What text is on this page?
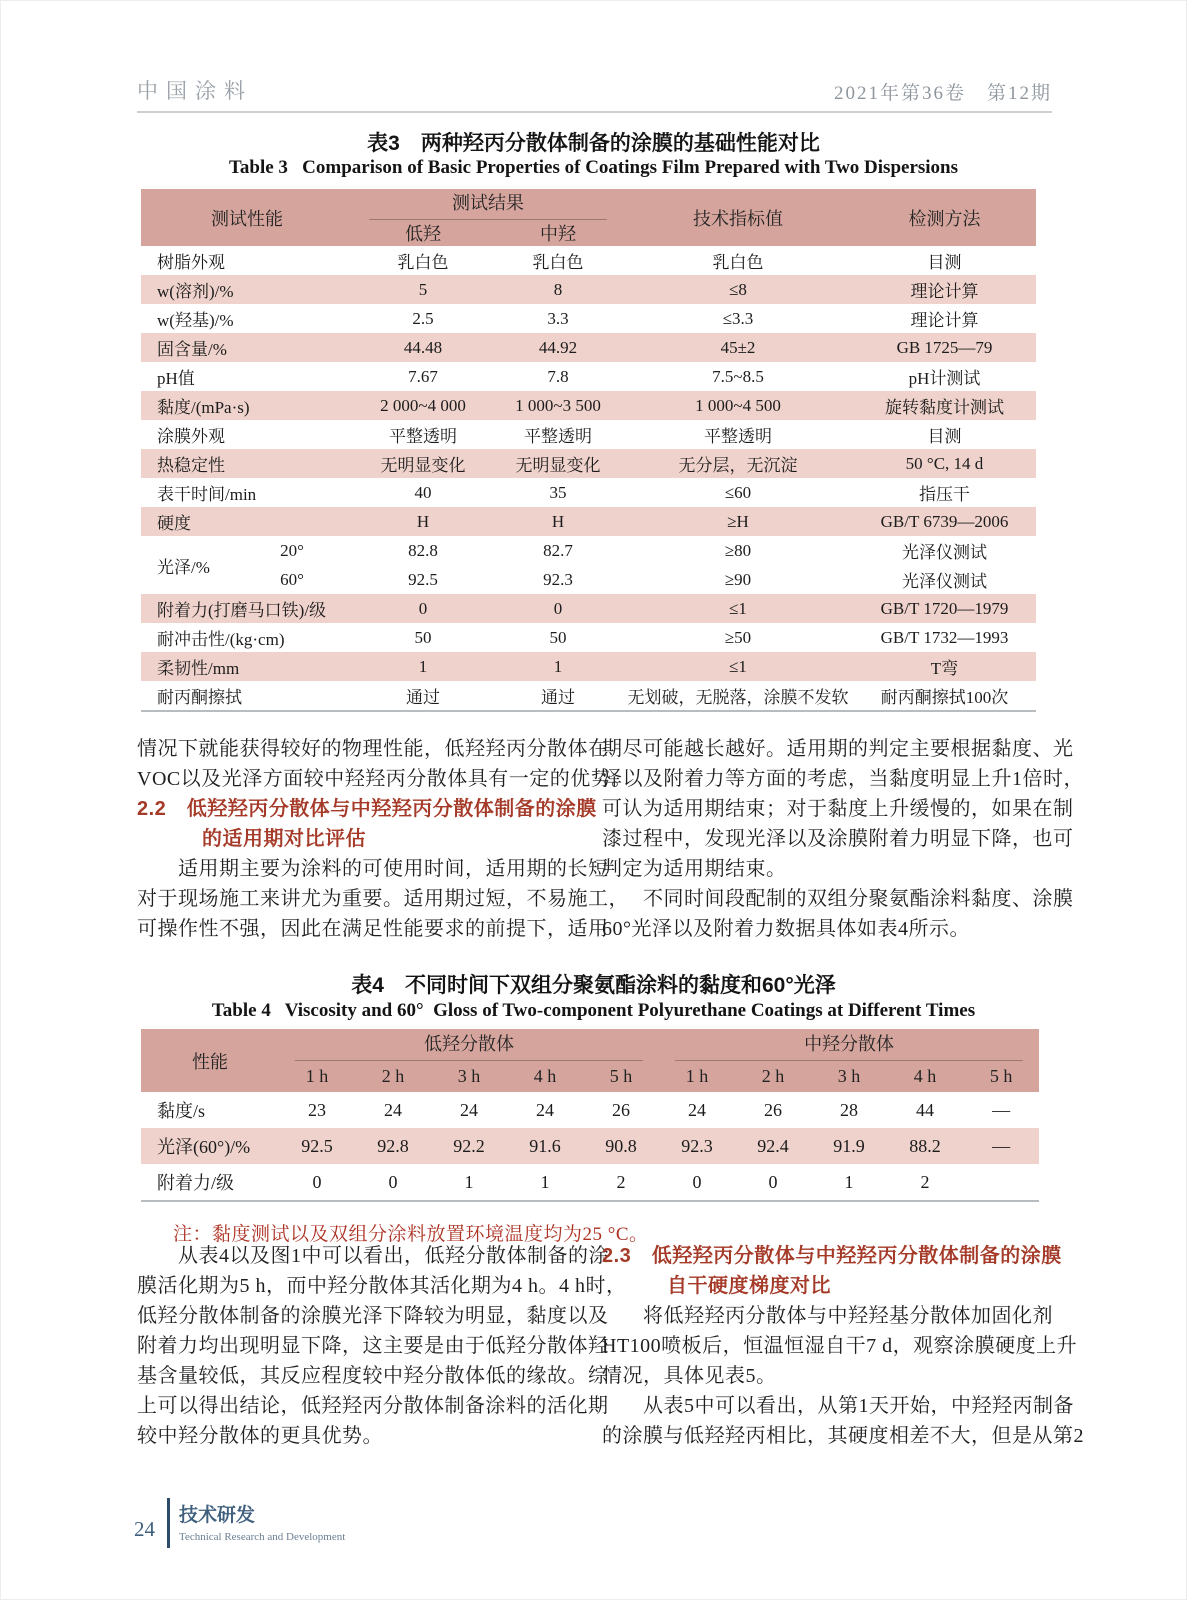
中国涂料	2021年第36卷　第12期
表3　两种羟丙分散体制备的涂膜的基础性能对比
Table 3   Comparison of Basic Properties of Coatings Film Prepared with Two Dispersions
测试性能		测试结果		技术指标值	检测方法
		低羟	中羟		
树脂外观		乳白色	乳白色	乳白色	目测
w(溶剂)/%		5	8	≤8	理论计算
w(羟基)/%		2.5	3.3	≤3.3	理论计算
固含量/%		44.48	44.92	45±2	GB 1725—79
pH值		7.67	7.8	7.5~8.5	pH计测试
黏度/(mPa·s)		2 000~4 000	1 000~3 500	1 000~4 500	旋转黏度计测试
涂膜外观		平整透明	平整透明	平整透明	目测
热稳定性		无明显变化	无明显变化	无分层，无沉淀	50 °C, 14 d
表干时间/min		40	35	≤60	指压干
硬度		H	H	≥H	GB/T 6739—2006
光泽/%	20°	82.8	82.7	≥80	光泽仪测试
	60°	92.5	92.3	≥90	光泽仪测试
附着力(打磨马口铁)/级		0	0	≤1	GB/T 1720—1979
耐冲击性/(kg·cm)		50	50	≥50	GB/T 1732—1993
柔韧性/mm		1	1	≤1	T弯
耐丙酮擦拭		通过	通过	无划破，无脱落，涂膜不发软	耐丙酮擦拭100次
情况下就能获得较好的物理性能，低羟羟丙分散体在
VOC以及光泽方面较中羟羟丙分散体具有一定的优势。
2.2　低羟羟丙分散体与中羟羟丙分散体制备的涂膜
的适用期对比评估
　　适用期主要为涂料的可使用时间，适用期的长短
对于现场施工来讲尤为重要。适用期过短，不易施工，
可操作性不强，因此在满足性能要求的前提下，适用
期尽可能越长越好。适用期的判定主要根据黏度、光
泽以及附着力等方面的考虑，当黏度明显上升1倍时，
可认为适用期结束；对于黏度上升缓慢的，如果在制
漆过程中，发现光泽以及涂膜附着力明显下降，也可
判定为适用期结束。
　　不同时间段配制的双组分聚氨酯涂料黏度、涂膜
60°光泽以及附着力数据具体如表4所示。
表4　不同时间下双组分聚氨酯涂料的黏度和60°光泽
Table 4   Viscosity and 60°  Gloss of Two-component Polyurethane Coatings at Different Times
性能	低羟分散体					中羟分散体				

	1 h	2 h	3 h	4 h	5 h	1 h	2 h	3 h	4 h	5 h
黏度/s	23	24	24	24	26	24	26	28	44	—
光泽(60°)/%	92.5	92.8	92.2	91.6	90.8	92.3	92.4	91.9	88.2	—
附着力/级	0	0	1	1	2	0	0	1	2	
注：黏度测试以及双组分涂料放置环境温度均为25 °C。
　　从表4以及图1中可以看出，低羟分散体制备的涂
膜活化期为5 h，而中羟分散体其活化期为4 h。4 h时，
低羟分散体制备的涂膜光泽下降较为明显，黏度以及
附着力均出现明显下降，这主要是由于低羟分散体羟
基含量较低，其反应程度较中羟分散体低的缘故。综
上可以得出结论，低羟羟丙分散体制备涂料的活化期
较中羟分散体的更具优势。
2.3　低羟羟丙分散体与中羟羟丙分散体制备的涂膜
自干硬度梯度对比
　　将低羟羟丙分散体与中羟羟基分散体加固化剂
HT100喷板后，恒温恒湿自干7 d，观察涂膜硬度上升
情况，具体见表5。
　　从表5中可以看出，从第1天开始，中羟羟丙制备
的涂膜与低羟羟丙相比，其硬度相差不大，但是从第2
24
技术研发
Technical Research and Development
